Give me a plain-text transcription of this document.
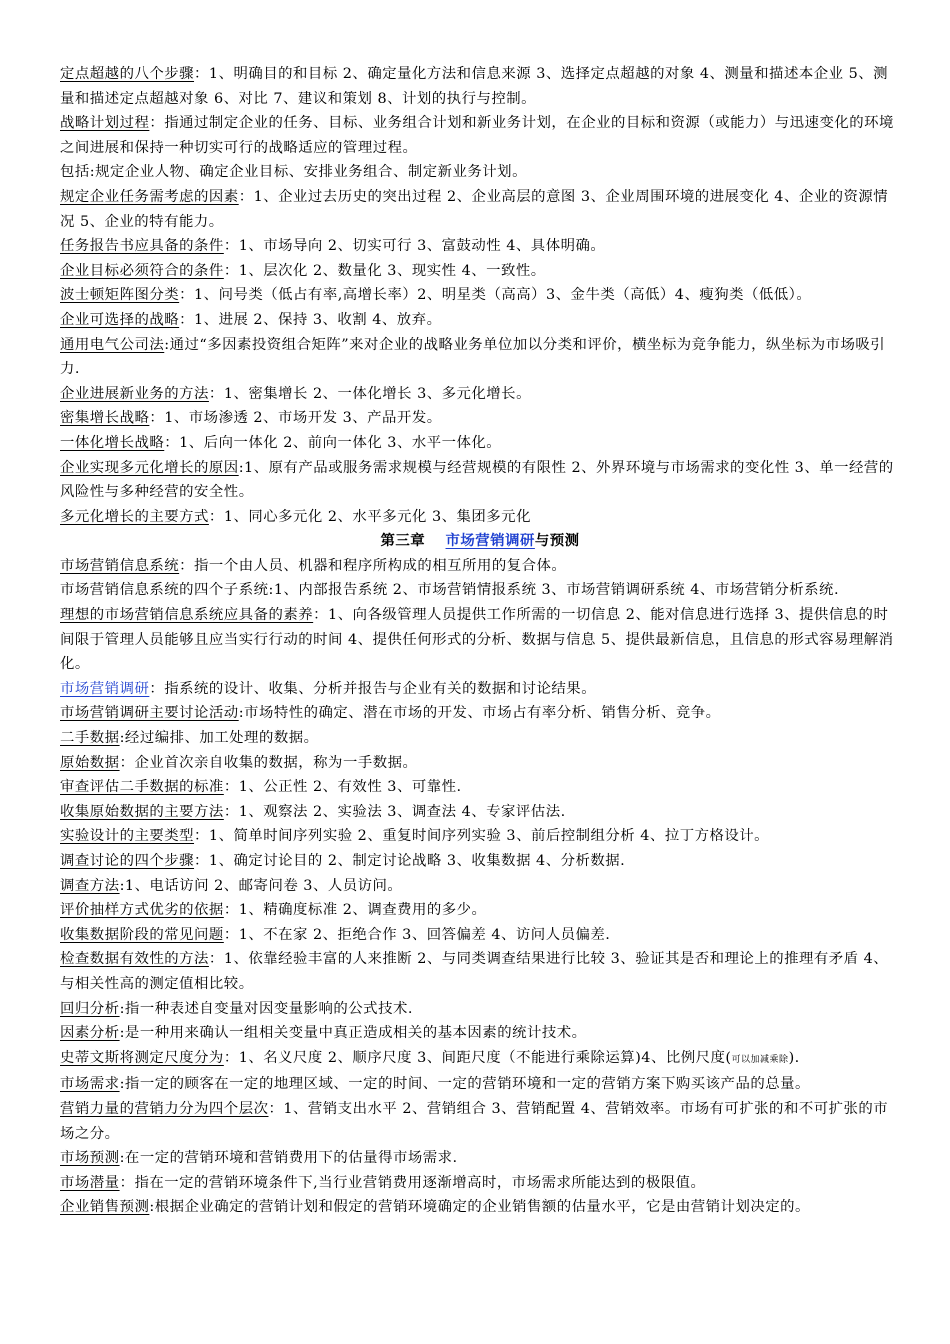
定点超越的八个步骤：1、明确目的和目标 2、确定量化方法和信息来源 3、选择定点超越的对象 4、测量和描述本企业 5、测量和描述定点超越对象 6、对比 7、建议和策划 8、计划的执行与控制。

战略计划过程：指通过制定企业的任务、目标、业务组合计划和新业务计划，在企业的目标和资源（或能力）与迅速变化的环境之间进展和保持一种切实可行的战略适应的管理过程。

包括:规定企业人物、确定企业目标、安排业务组合、制定新业务计划。

规定企业任务需考虑的因素：1、企业过去历史的突出过程 2、企业高层的意图 3、企业周围环境的进展变化 4、企业的资源情况 5、企业的特有能力。

任务报告书应具备的条件：1、市场导向 2、切实可行 3、富鼓动性 4、具体明确。

企业目标必须符合的条件：1、层次化 2、数量化 3、现实性 4、一致性。

波士顿矩阵图分类：1、问号类（低占有率,高增长率）2、明星类（高高）3、金牛类（高低）4、瘦狗类（低低）。

企业可选择的战略：1、进展 2、保持 3、收割 4、放弃。

通用电气公司法:通过“多因素投资组合矩阵”来对企业的战略业务单位加以分类和评价，横坐标为竞争能力，纵坐标为市场吸引力.

企业进展新业务的方法：1、密集增长 2、一体化增长 3、多元化增长。

密集增长战略：1、市场渗透 2、市场开发 3、产品开发。

一体化增长战略：1、后向一体化 2、前向一体化 3、水平一体化。

企业实现多元化增长的原因:1、原有产品或服务需求规模与经营规模的有限性 2、外界环境与市场需求的变化性 3、单一经营的风险性与多种经营的安全性。

多元化增长的主要方式：1、同心多元化 2、水平多元化 3、集团多元化

第三章　 市场营销调研与预测

市场营销信息系统：指一个由人员、机器和程序所构成的相互所用的复合体。

市场营销信息系统的四个子系统:1、内部报告系统 2、市场营销情报系统 3、市场营销调研系统 4、市场营销分析系统.

理想的市场营销信息系统应具备的素养：1、向各级管理人员提供工作所需的一切信息 2、能对信息进行选择 3、提供信息的时间限于管理人员能够且应当实行行动的时间 4、提供任何形式的分析、数据与信息 5、提供最新信息，且信息的形式容易理解消化。

市场营销调研：指系统的设计、收集、分析并报告与企业有关的数据和讨论结果。

市场营销调研主要讨论活动:市场特性的确定、潜在市场的开发、市场占有率分析、销售分析、竞争。

二手数据:经过编排、加工处理的数据。

原始数据：企业首次亲自收集的数据，称为一手数据。

审查评估二手数据的标准：1、公正性 2、有效性 3、可靠性.

收集原始数据的主要方法：1、观察法 2、实验法 3、调查法 4、专家评估法.

实验设计的主要类型：1、简单时间序列实验 2、重复时间序列实验 3、前后控制组分析 4、拉丁方格设计。

调查讨论的四个步骤：1、确定讨论目的 2、制定讨论战略 3、收集数据 4、分析数据.

调查方法:1、电话访问 2、邮寄问卷 3、人员访问。

评价抽样方式优劣的依据：1、精确度标准 2、调查费用的多少。

收集数据阶段的常见问题：1、不在家 2、拒绝合作 3、回答偏差 4、访问人员偏差.

检查数据有效性的方法：1、依靠经验丰富的人来推断 2、与同类调查结果进行比较 3、验证其是否和理论上的推理有矛盾 4、与相关性高的测定值相比较。

回归分析:指一种表述自变量对因变量影响的公式技术.

因素分析:是一种用来确认一组相关变量中真正造成相关的基本因素的统计技术。

史蒂文斯将测定尺度分为：1、名义尺度 2、顺序尺度 3、间距尺度（不能进行乘除运算)4、比例尺度(可以加减乘除).

市场需求:指一定的顾客在一定的地理区域、一定的时间、一定的营销环境和一定的营销方案下购买该产品的总量。

营销力量的营销力分为四个层次：1、营销支出水平 2、营销组合 3、营销配置 4、营销效率。市场有可扩张的和不可扩张的市场之分。

市场预测:在一定的营销环境和营销费用下的估量得市场需求.

市场潜量：指在一定的营销环境条件下,当行业营销费用逐渐增高时，市场需求所能达到的极限值。

企业销售预测:根据企业确定的营销计划和假定的营销环境确定的企业销售额的估量水平，它是由营销计划决定的。
